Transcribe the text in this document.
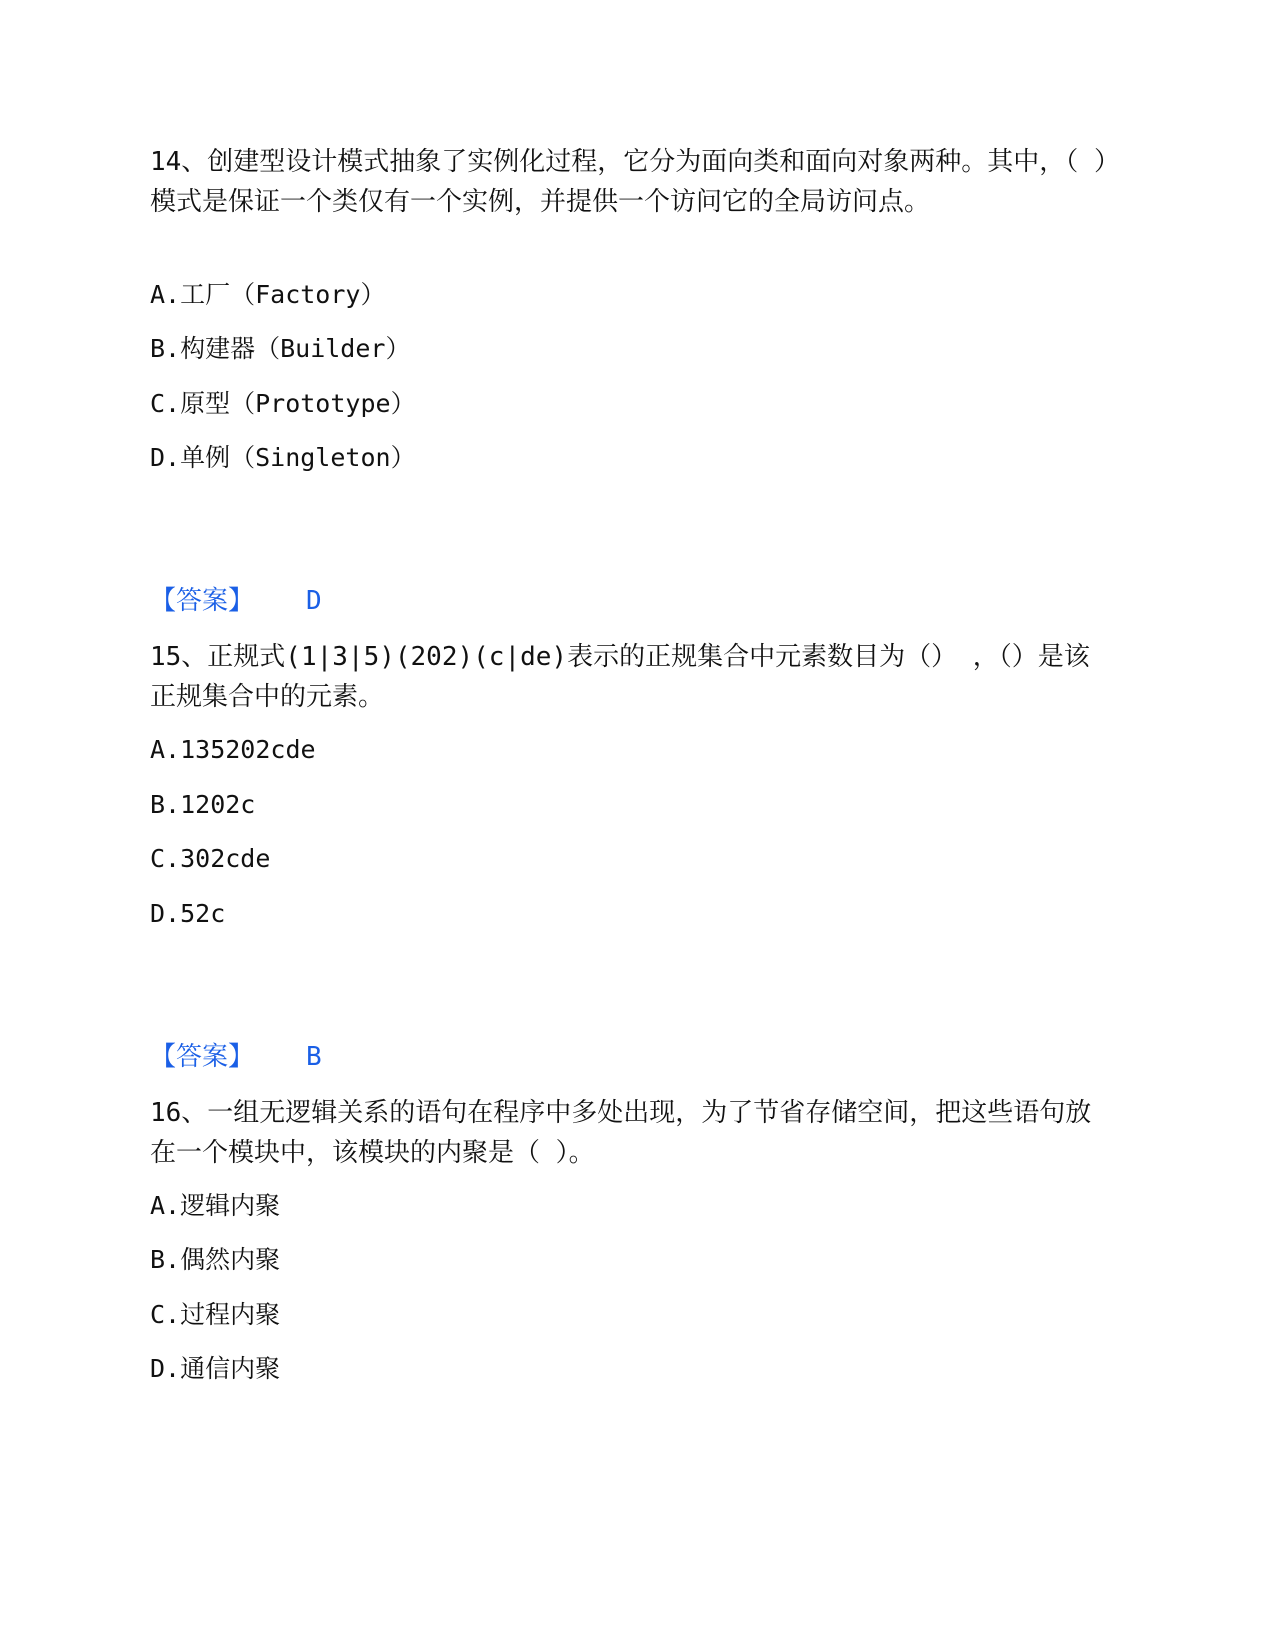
14、创建型设计模式抽象了实例化过程，它分为面向类和面向对象两种。其中，（ ）模式是保证一个类仅有一个实例，并提供一个访问它的全局访问点。

A.工厂（Factory）
B.构建器（Builder）
C.原型（Prototype）
D.单例（Singleton）
【答案】 D

15、正规式(1|3|5)(202)(c|de)表示的正规集合中元素数目为（） ，（）是该正规集合中的元素。

A.135202cde
B.1202c
C.302cde
D.52c
【答案】 B

16、一组无逻辑关系的语句在程序中多处出现，为了节省存储空间，把这些语句放在一个模块中，该模块的内聚是（ ）。

A.逻辑内聚
B.偶然内聚
C.过程内聚
D.通信内聚
